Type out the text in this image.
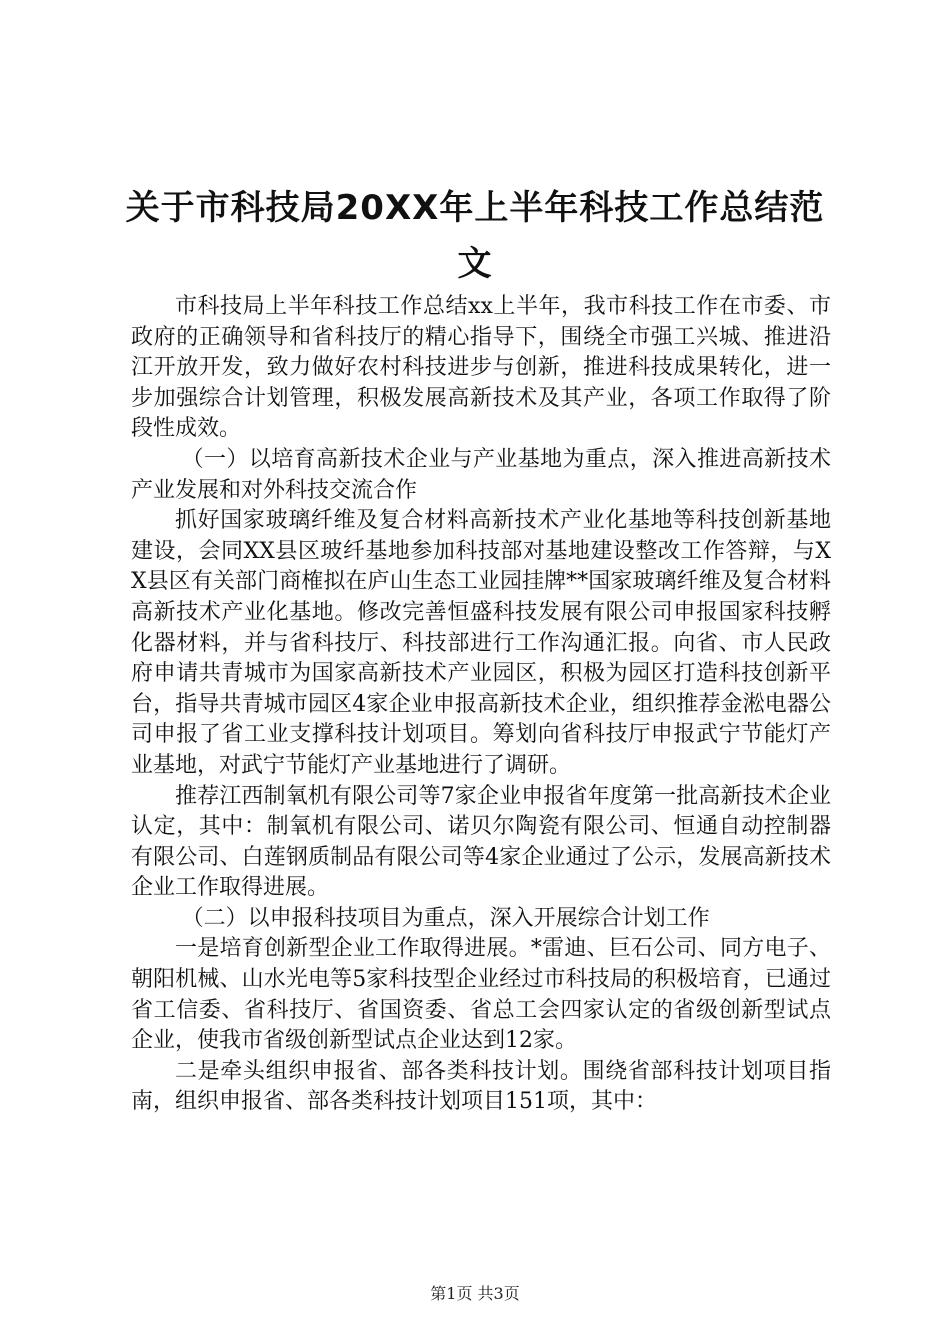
关于市科技局20XX年上半年科技工作总结范文

市科技局上半年科技工作总结xx上半年，我市科技工作在市委、市政府的正确领导和省科技厅的精心指导下，围绕全市强工兴城、推进沿江开放开发，致力做好农村科技进步与创新，推进科技成果转化，进一步加强综合计划管理，积极发展高新技术及其产业，各项工作取得了阶段性成效。

（一）以培育高新技术企业与产业基地为重点，深入推进高新技术产业发展和对外科技交流合作

抓好国家玻璃纤维及复合材料高新技术产业化基地等科技创新基地建设，会同XX县区玻纤基地参加科技部对基地建设整改工作答辩，与XX县区有关部门商榷拟在庐山生态工业园挂牌**国家玻璃纤维及复合材料高新技术产业化基地。修改完善恒盛科技发展有限公司申报国家科技孵化器材料，并与省科技厅、科技部进行工作沟通汇报。向省、市人民政府申请共青城市为国家高新技术产业园区，积极为园区打造科技创新平台，指导共青城市园区4家企业申报高新技术企业，组织推荐金淞电器公司申报了省工业支撑科技计划项目。筹划向省科技厅申报武宁节能灯产业基地，对武宁节能灯产业基地进行了调研。

推荐江西制氧机有限公司等7家企业申报省年度第一批高新技术企业认定，其中：制氧机有限公司、诺贝尔陶瓷有限公司、恒通自动控制器有限公司、白莲钢质制品有限公司等4家企业通过了公示，发展高新技术企业工作取得进展。

（二）以申报科技项目为重点，深入开展综合计划工作

一是培育创新型企业工作取得进展。*雷迪、巨石公司、同方电子、朝阳机械、山水光电等5家科技型企业经过市科技局的积极培育，已通过省工信委、省科技厅、省国资委、省总工会四家认定的省级创新型试点企业，使我市省级创新型试点企业达到12家。

二是牵头组织申报省、部各类科技计划。围绕省部科技计划项目指南，组织申报省、部各类科技计划项目151项，其中：

第1页 共3页
